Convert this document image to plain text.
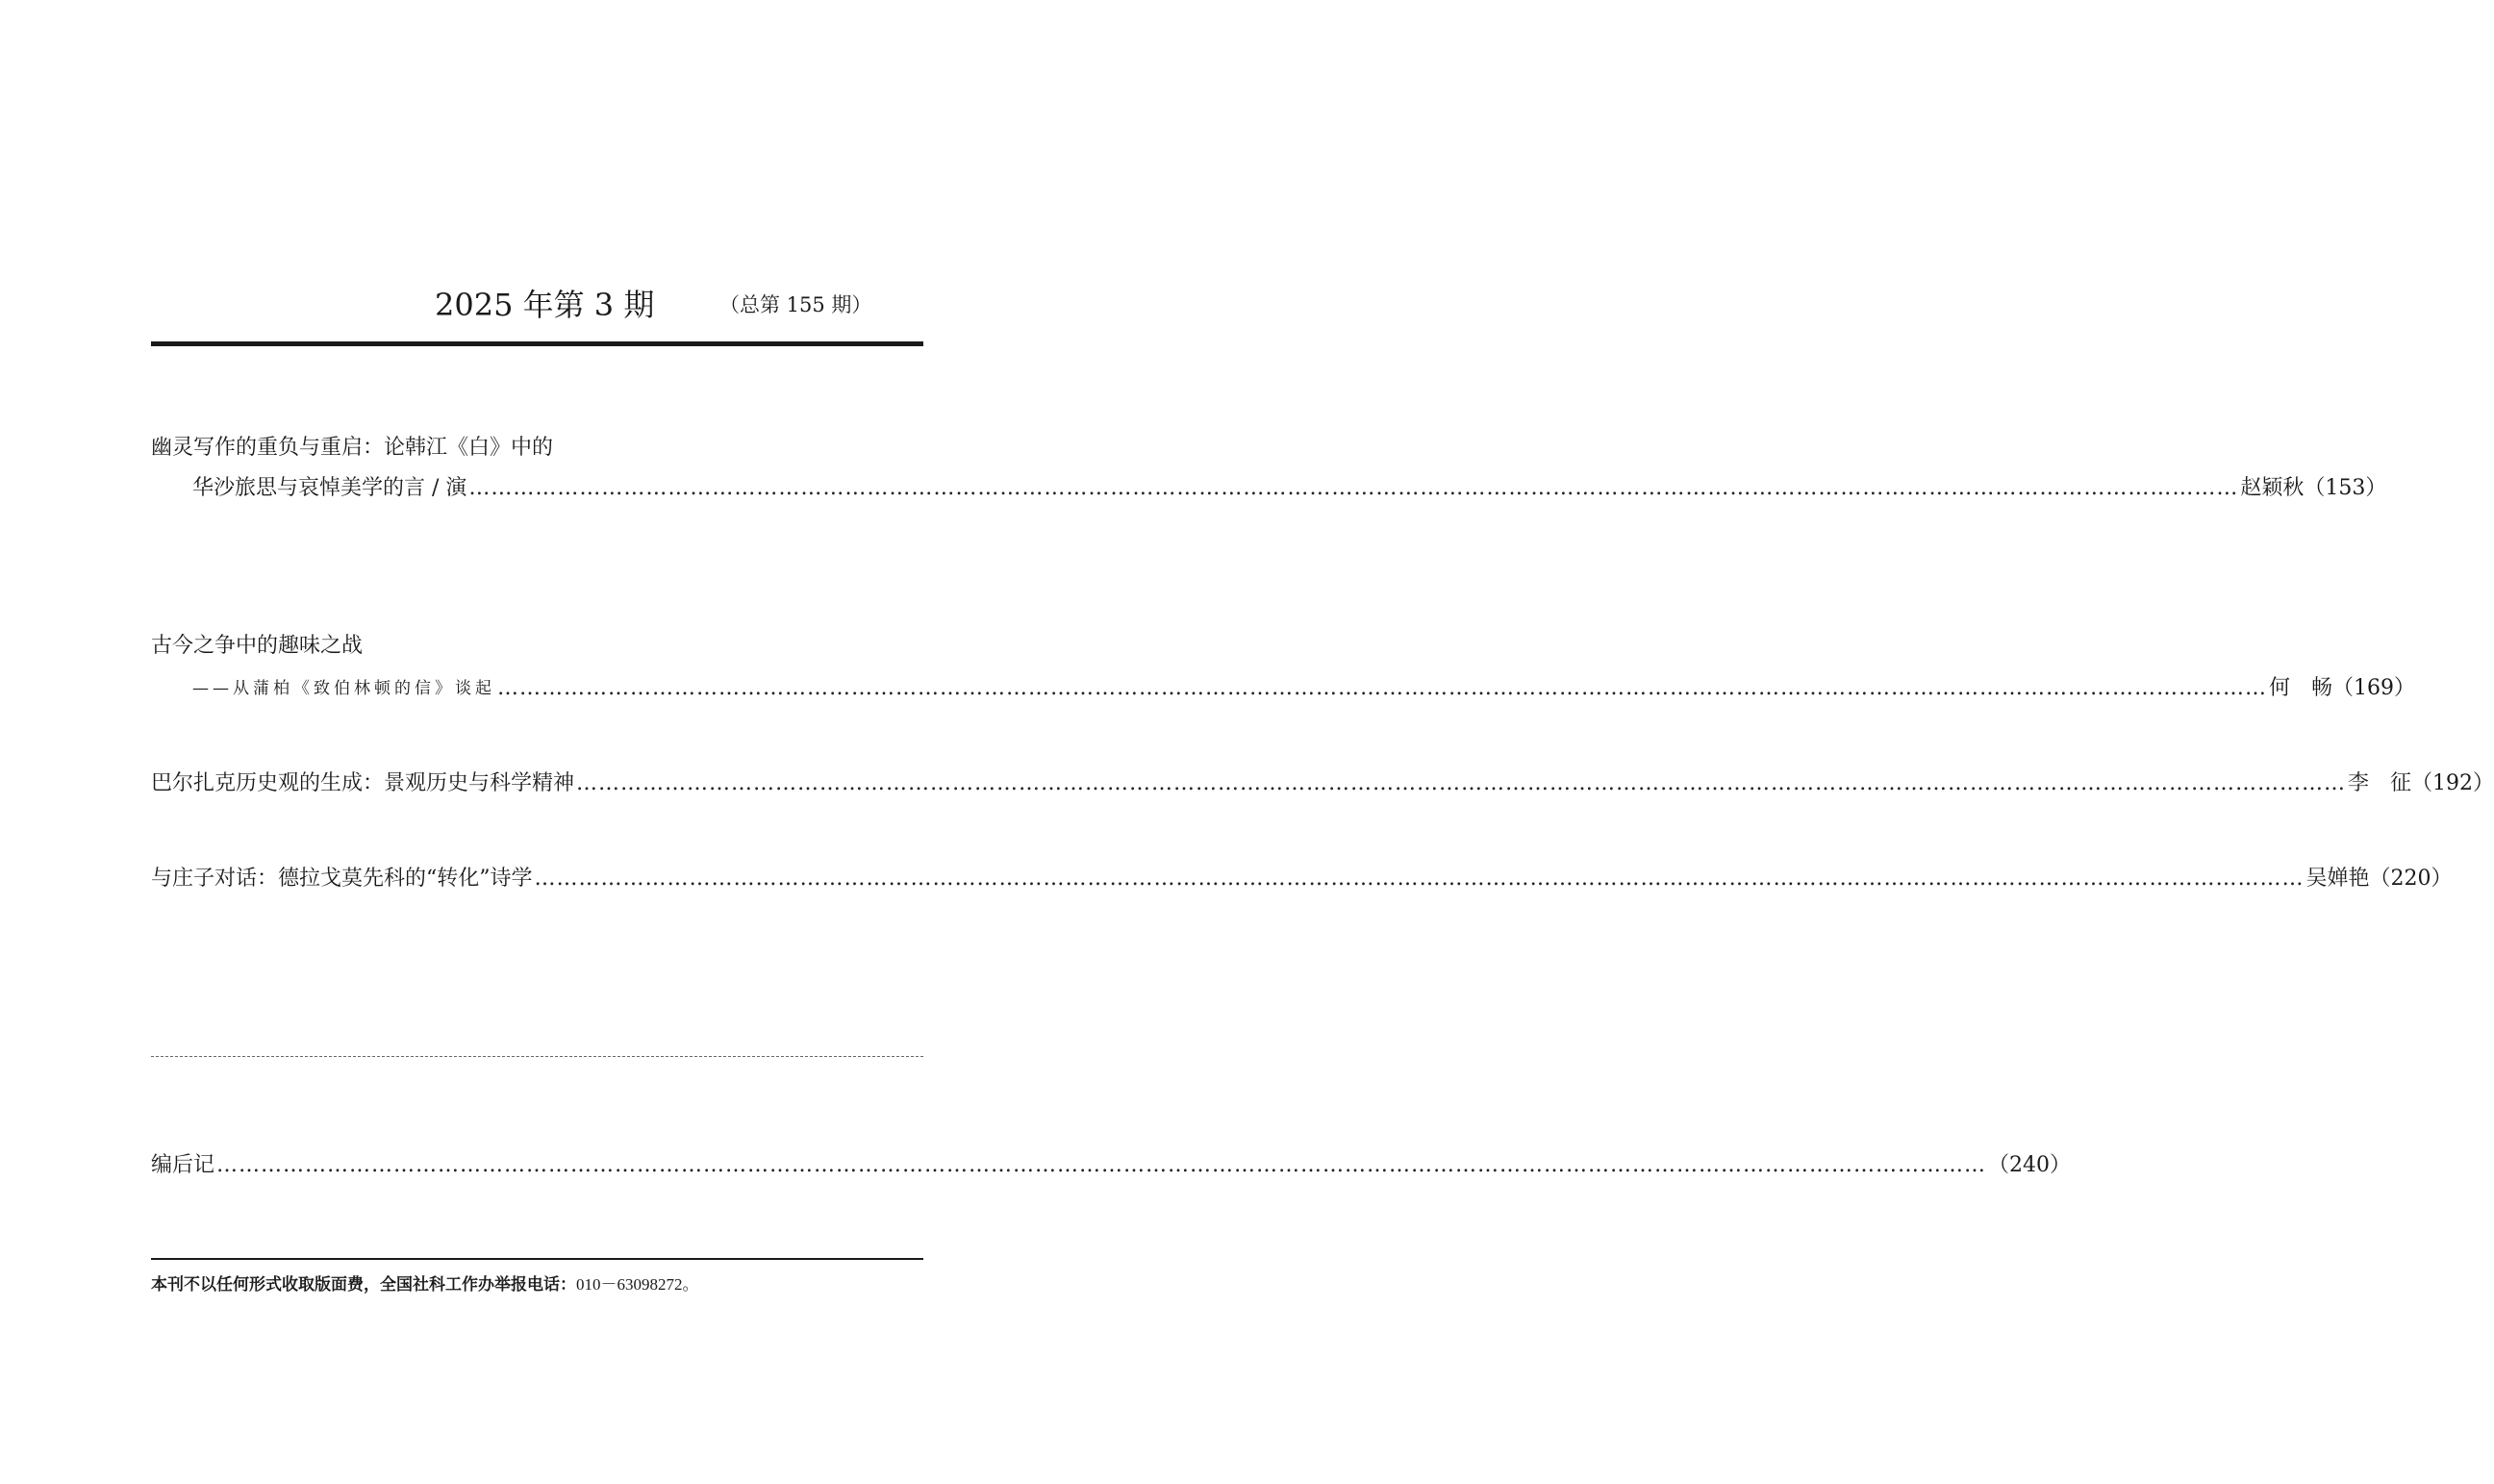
2025 年第 3 期	（总第 155 期）
幽灵写作的重负与重启：论韩江《白》中的
华沙旅思与哀悼美学的言 / 演 …………………………………………………………………………………………………………………………………………………………………………………………………………………… 赵颖秋 （153）
古今之争中的趣味之战
——从蒲柏《致伯林顿的信》谈起 …………………………………………………………………………………………………………………………………………………………………………………………………………………… 何　畅 （169）
巴尔扎克历史观的生成：景观历史与科学精神 …………………………………………………………………………………………………………………………………………………………………………………………………………………… 李　征 （192）
与庄子对话：德拉戈莫先科的“转化”诗学 …………………………………………………………………………………………………………………………………………………………………………………………………………………… 吴婵艳 （220）
编后记 …………………………………………………………………………………………………………………………………………………………………………………………………………………… （240）
本刊不以任何形式收取版面费，全国社科工作办举报电话：010－63098272。
